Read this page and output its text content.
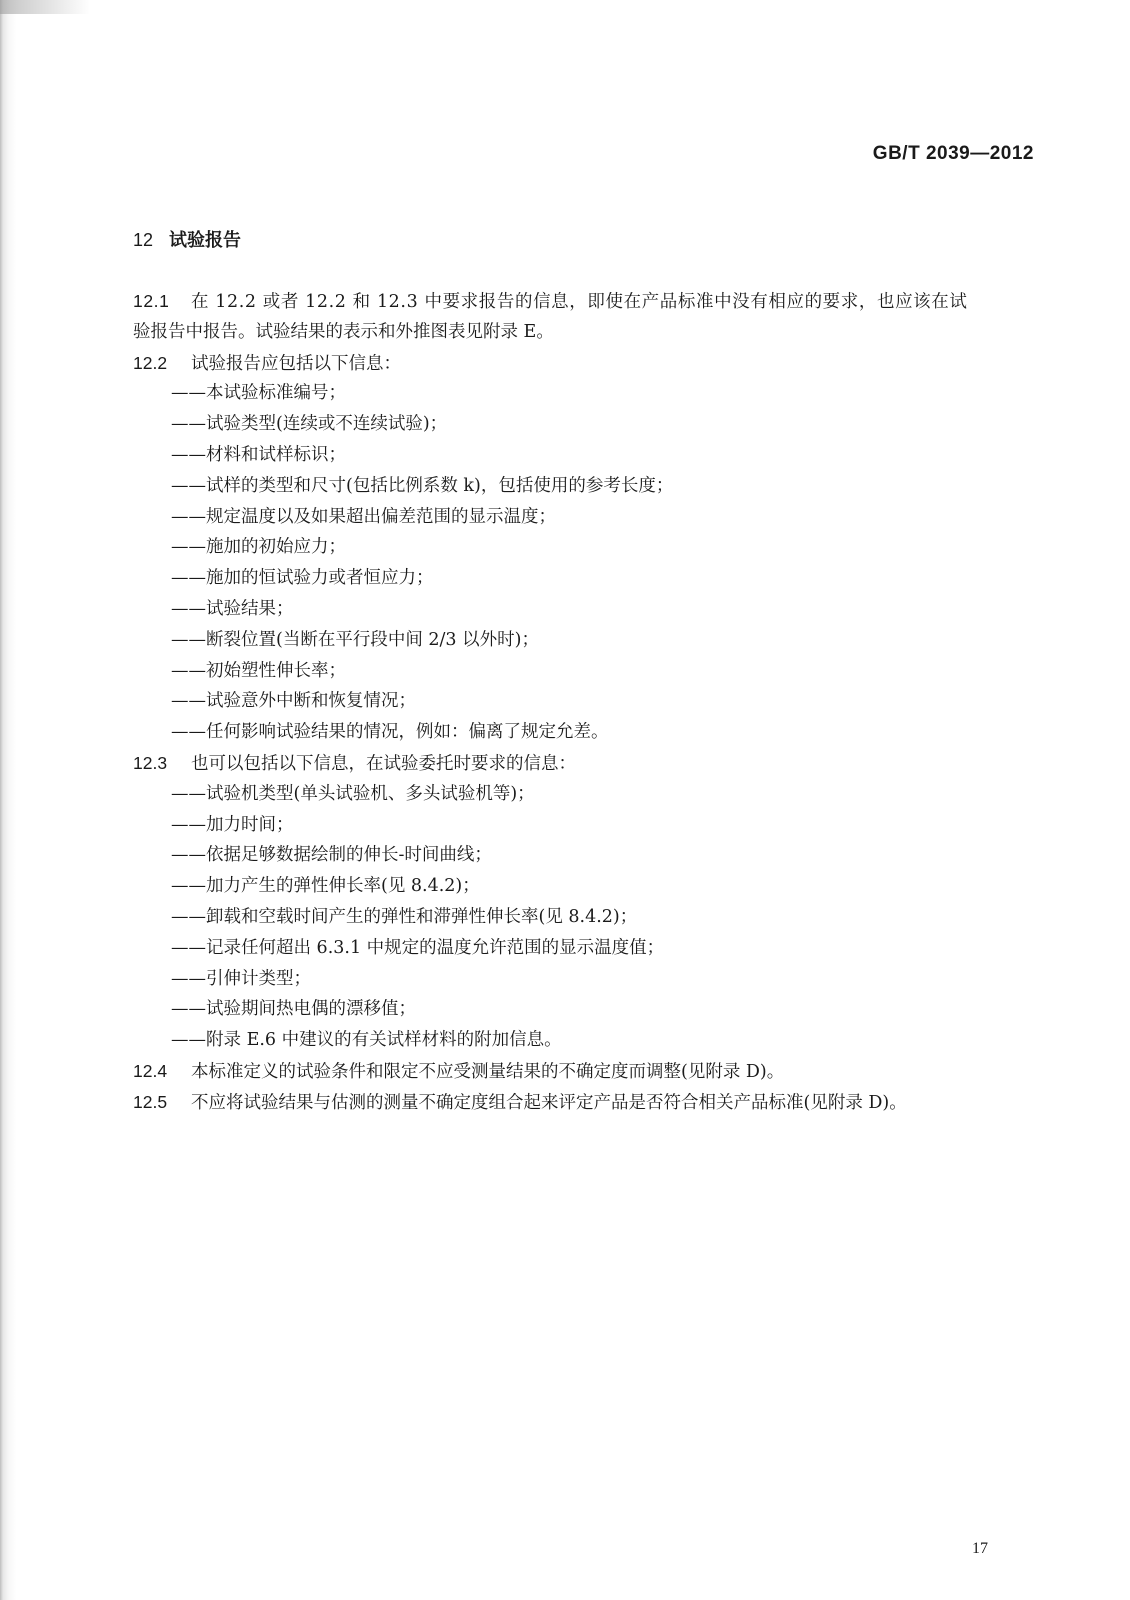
GB/T 2039—2012
12 试验报告
12.1 在 12.2 或者 12.2 和 12.3 中要求报告的信息，即使在产品标准中没有相应的要求，也应该在试
验报告中报告。试验结果的表示和外推图表见附录 E。
12.2 试验报告应包括以下信息：
——本试验标准编号；
——试验类型(连续或不连续试验)；
——材料和试样标识；
——试样的类型和尺寸(包括比例系数 k)，包括使用的参考长度；
——规定温度以及如果超出偏差范围的显示温度；
——施加的初始应力；
——施加的恒试验力或者恒应力；
——试验结果；
——断裂位置(当断在平行段中间 2/3 以外时)；
——初始塑性伸长率；
——试验意外中断和恢复情况；
——任何影响试验结果的情况，例如：偏离了规定允差。
12.3 也可以包括以下信息，在试验委托时要求的信息：
——试验机类型(单头试验机、多头试验机等)；
——加力时间；
——依据足够数据绘制的伸长-时间曲线；
——加力产生的弹性伸长率(见 8.4.2)；
——卸载和空载时间产生的弹性和滞弹性伸长率(见 8.4.2)；
——记录任何超出 6.3.1 中规定的温度允许范围的显示温度值；
——引伸计类型；
——试验期间热电偶的漂移值；
——附录 E.6 中建议的有关试样材料的附加信息。
12.4 本标准定义的试验条件和限定不应受测量结果的不确定度而调整(见附录 D)。
12.5 不应将试验结果与估测的测量不确定度组合起来评定产品是否符合相关产品标准(见附录 D)。
17
